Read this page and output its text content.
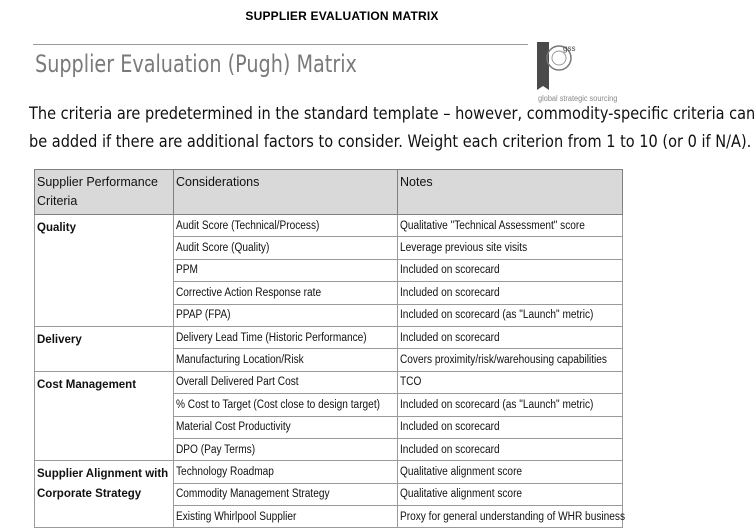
SUPPLIER EVALUATION MATRIX
Supplier Evaluation (Pugh) Matrix
gss
global strategic sourcing
The criteria are predetermined in the standard template – however, commodity-specific criteria can
be added if there are additional factors to consider. Weight each criterion from 1 to 10 (or 0 if N/A).
Supplier Performance Criteria	Considerations	Notes
Quality	Audit Score (Technical/Process)	Qualitative "Technical Assessment" score
	Audit Score (Quality)	Leverage previous site visits
	PPM	Included on scorecard
	Corrective Action Response rate	Included on scorecard
	PPAP (FPA)	Included on scorecard (as "Launch" metric)
Delivery	Delivery Lead Time (Historic Performance)	Included on scorecard
	Manufacturing Location/Risk	Covers proximity/risk/warehousing capabilities
Cost Management	Overall Delivered Part Cost	TCO
	% Cost to Target (Cost close to design target)	Included on scorecard (as "Launch" metric)
	Material Cost Productivity	Included on scorecard
	DPO (Pay Terms)	Included on scorecard
Supplier Alignment with Corporate Strategy	Technology Roadmap	Qualitative alignment score
	Commodity Management Strategy	Qualitative alignment score
	Existing Whirlpool Supplier	Proxy for general understanding of WHR business
